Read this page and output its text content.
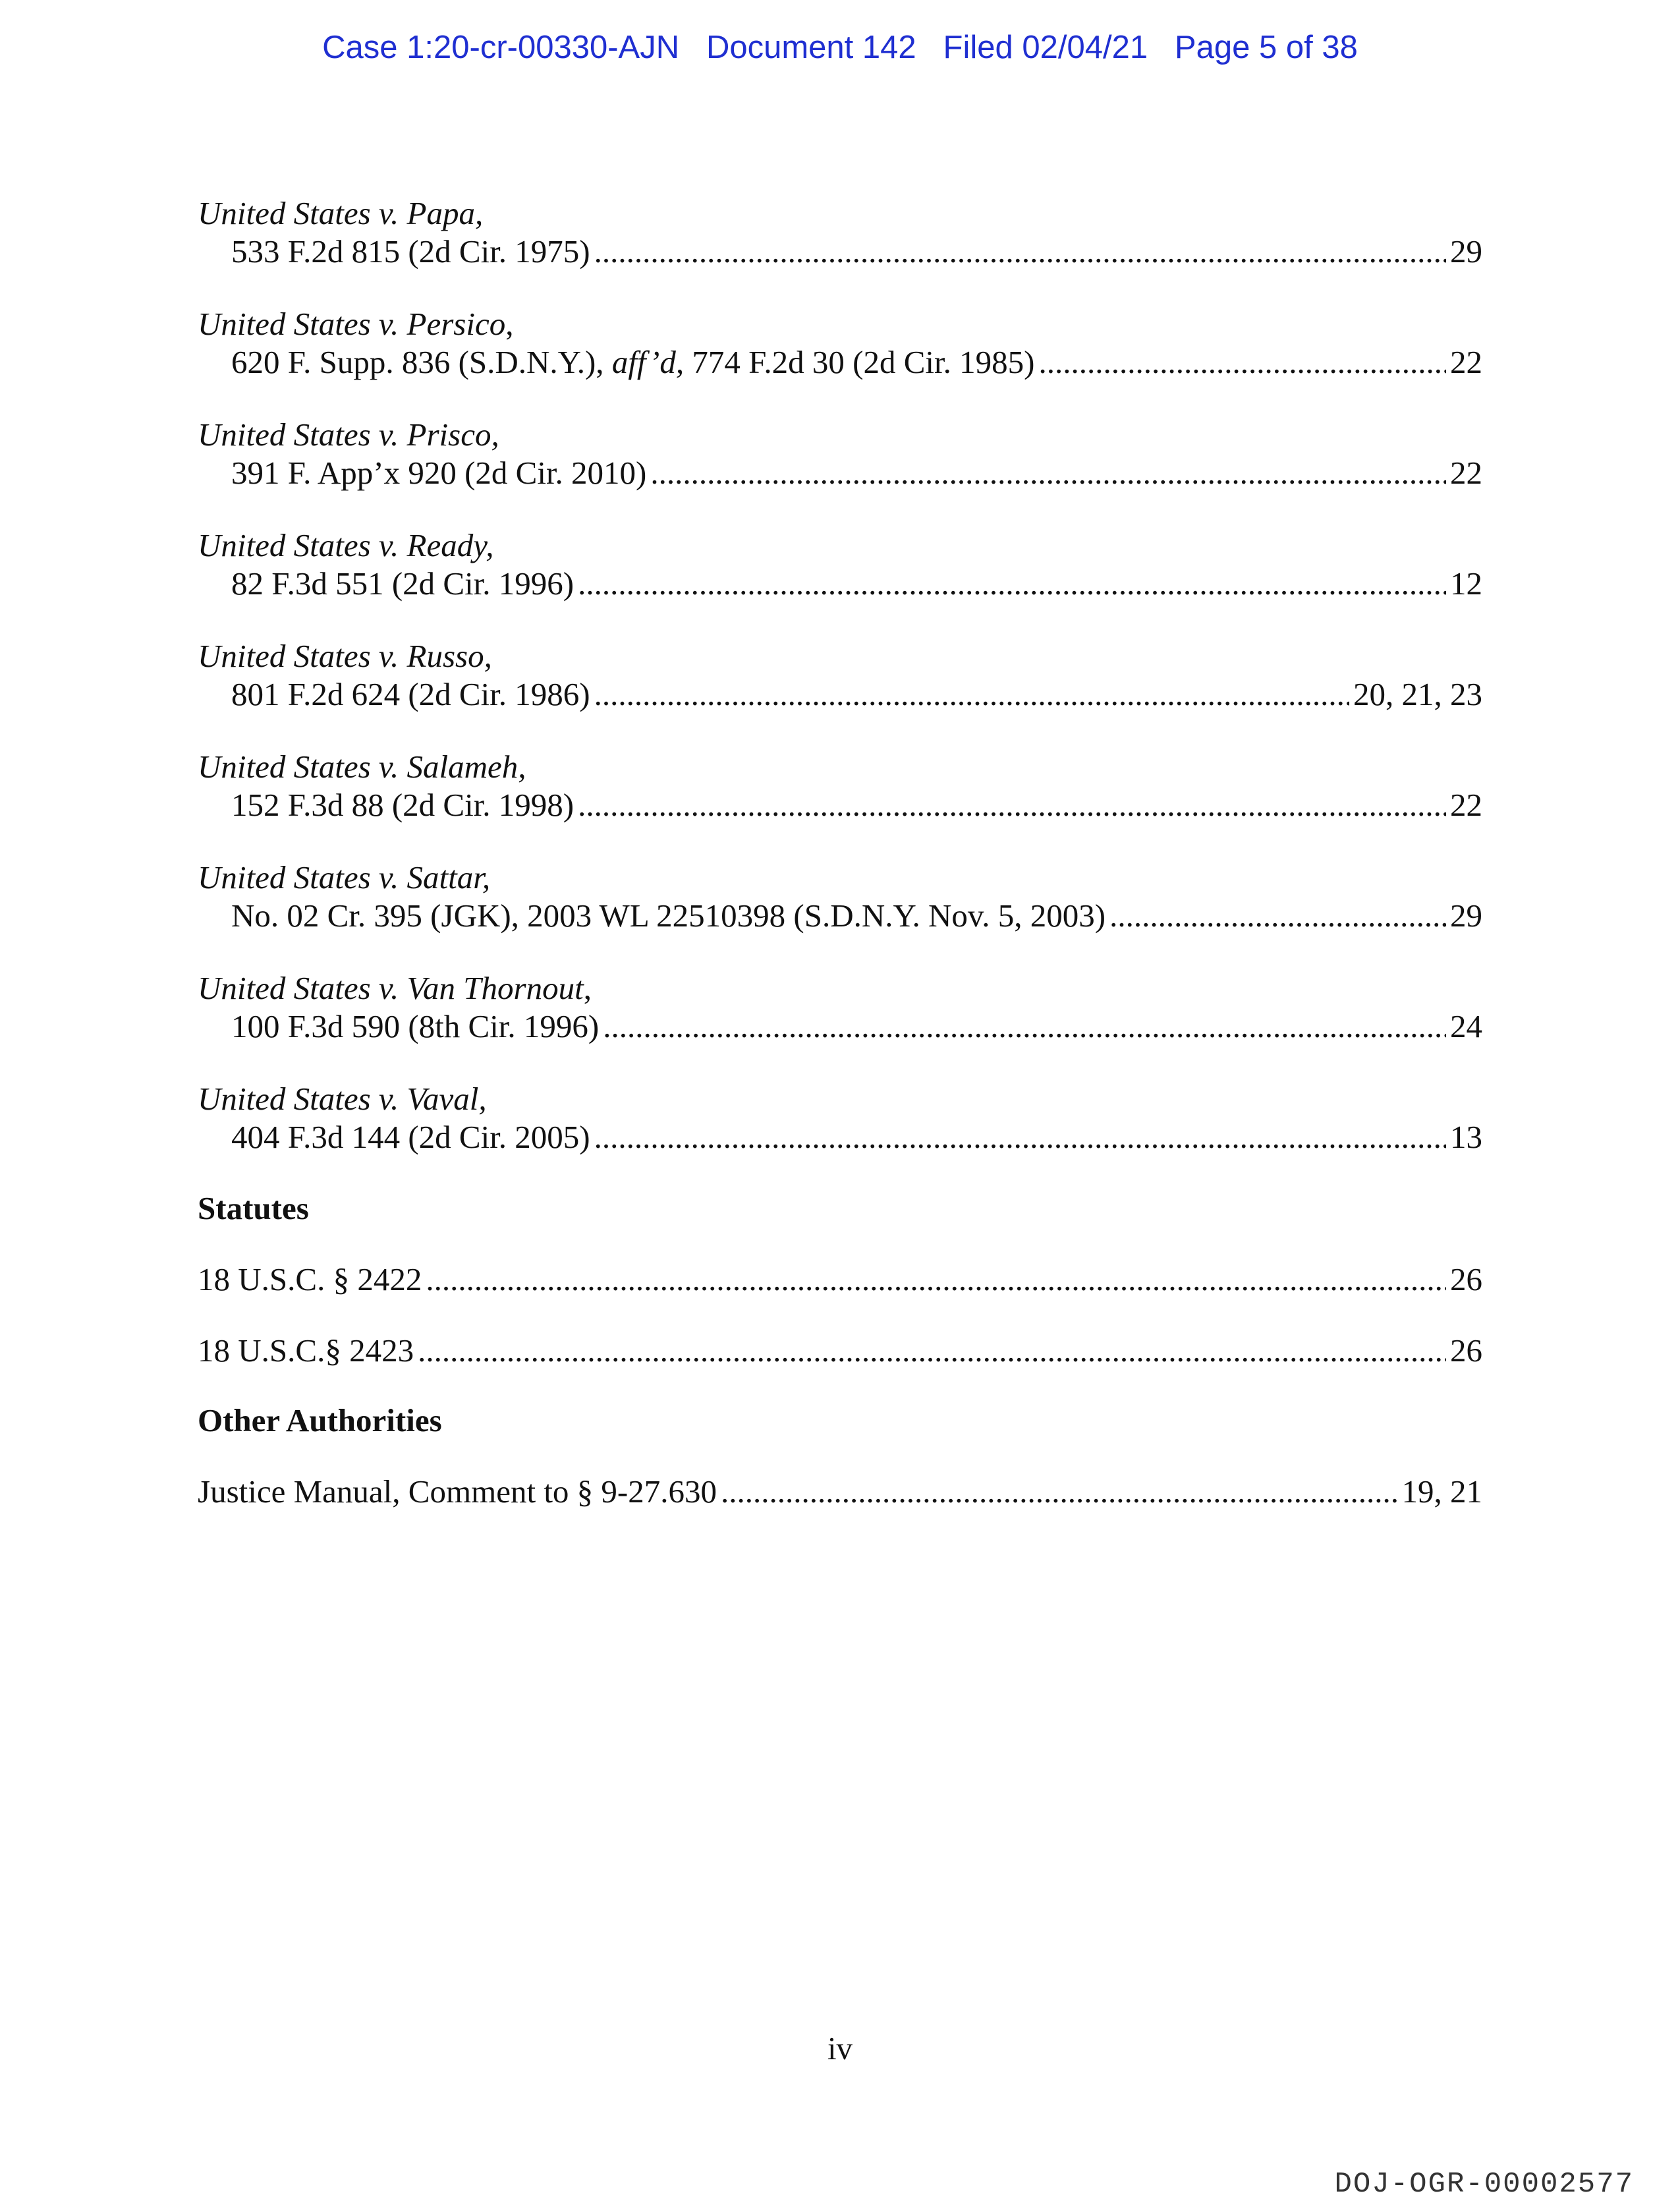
Case 1:20-cr-00330-AJN Document 142 Filed 02/04/21 Page 5 of 38
United States v. Papa,
533 F.2d 815 (2d Cir. 1975) .....	29
United States v. Persico,
620 F. Supp. 836 (S.D.N.Y.), aff’d, 774 F.2d 30 (2d Cir. 1985) .....	22
United States v. Prisco,
391 F. App’x 920 (2d Cir. 2010) .....	22
United States v. Ready,
82 F.3d 551 (2d Cir. 1996) .....	12
United States v. Russo,
801 F.2d 624 (2d Cir. 1986) .....	20, 21, 23
United States v. Salameh,
152 F.3d 88 (2d Cir. 1998) .....	22
United States v. Sattar,
No. 02 Cr. 395 (JGK), 2003 WL 22510398 (S.D.N.Y. Nov. 5, 2003) .....	29
United States v. Van Thornout,
100 F.3d 590 (8th Cir. 1996) .....	24
United States v. Vaval,
404 F.3d 144 (2d Cir. 2005) .....	13
Statutes
18 U.S.C. § 2422 .....	26
18 U.S.C.§ 2423 .....	26
Other Authorities
Justice Manual, Comment to § 9-27.630 .....	19, 21
iv
DOJ-OGR-00002577
